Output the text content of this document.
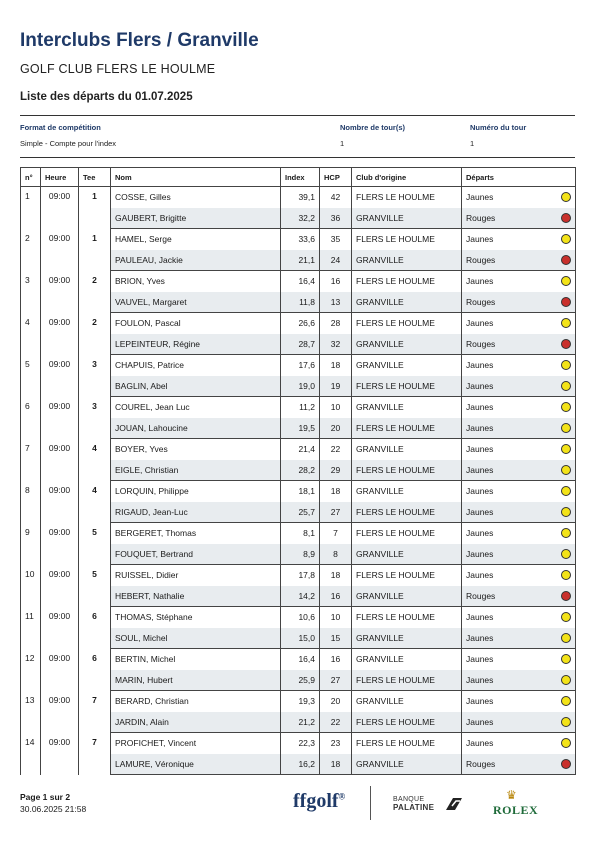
Interclubs Flers / Granville
GOLF CLUB FLERS LE HOULME
Liste des départs du 01.07.2025
Format de compétition
Simple - Compte pour l'index
Nombre de tour(s)
1
Numéro du tour
1
n°	Heure	Tee	Nom	Index	HCP	Club d'origine	Départs
1	09:00	1	COSSE, Gilles	39,1	42	FLERS LE HOULME	Jaunes

			GAUBERT, Brigitte	32,2	36	GRANVILLE	Rouges

2	09:00	1	HAMEL, Serge	33,6	35	FLERS LE HOULME	Jaunes

			PAULEAU, Jackie	21,1	24	GRANVILLE	Rouges

3	09:00	2	BRION, Yves	16,4	16	FLERS LE HOULME	Jaunes

			VAUVEL, Margaret	11,8	13	GRANVILLE	Rouges

4	09:00	2	FOULON, Pascal	26,6	28	FLERS LE HOULME	Jaunes

			LEPEINTEUR, Régine	28,7	32	GRANVILLE	Rouges

5	09:00	3	CHAPUIS, Patrice	17,6	18	GRANVILLE	Jaunes

			BAGLIN, Abel	19,0	19	FLERS LE HOULME	Jaunes

6	09:00	3	COUREL, Jean Luc	11,2	10	GRANVILLE	Jaunes

			JOUAN, Lahoucine	19,5	20	FLERS LE HOULME	Jaunes

7	09:00	4	BOYER, Yves	21,4	22	GRANVILLE	Jaunes

			EIGLE, Christian	28,2	29	FLERS LE HOULME	Jaunes

8	09:00	4	LORQUIN, Philippe	18,1	18	GRANVILLE	Jaunes

			RIGAUD, Jean-Luc	25,7	27	FLERS LE HOULME	Jaunes

9	09:00	5	BERGERET, Thomas	8,1	7	FLERS LE HOULME	Jaunes

			FOUQUET, Bertrand	8,9	8	GRANVILLE	Jaunes

10	09:00	5	RUISSEL, Didier	17,8	18	FLERS LE HOULME	Jaunes

			HEBERT, Nathalie	14,2	16	GRANVILLE	Rouges

11	09:00	6	THOMAS, Stéphane	10,6	10	FLERS LE HOULME	Jaunes

			SOUL, Michel	15,0	15	GRANVILLE	Jaunes

12	09:00	6	BERTIN, Michel	16,4	16	GRANVILLE	Jaunes

			MARIN, Hubert	25,9	27	FLERS LE HOULME	Jaunes

13	09:00	7	BERARD, Christian	19,3	20	GRANVILLE	Jaunes

			JARDIN, Alain	21,2	22	FLERS LE HOULME	Jaunes

14	09:00	7	PROFICHET, Vincent	22,3	23	FLERS LE HOULME	Jaunes

			LAMURE, Véronique	16,2	18	GRANVILLE	Rouges
Page 1 sur 2
30.06.2025 21:58	ffgolf®	BANQUE
PALATINE
♛
ROLEX
